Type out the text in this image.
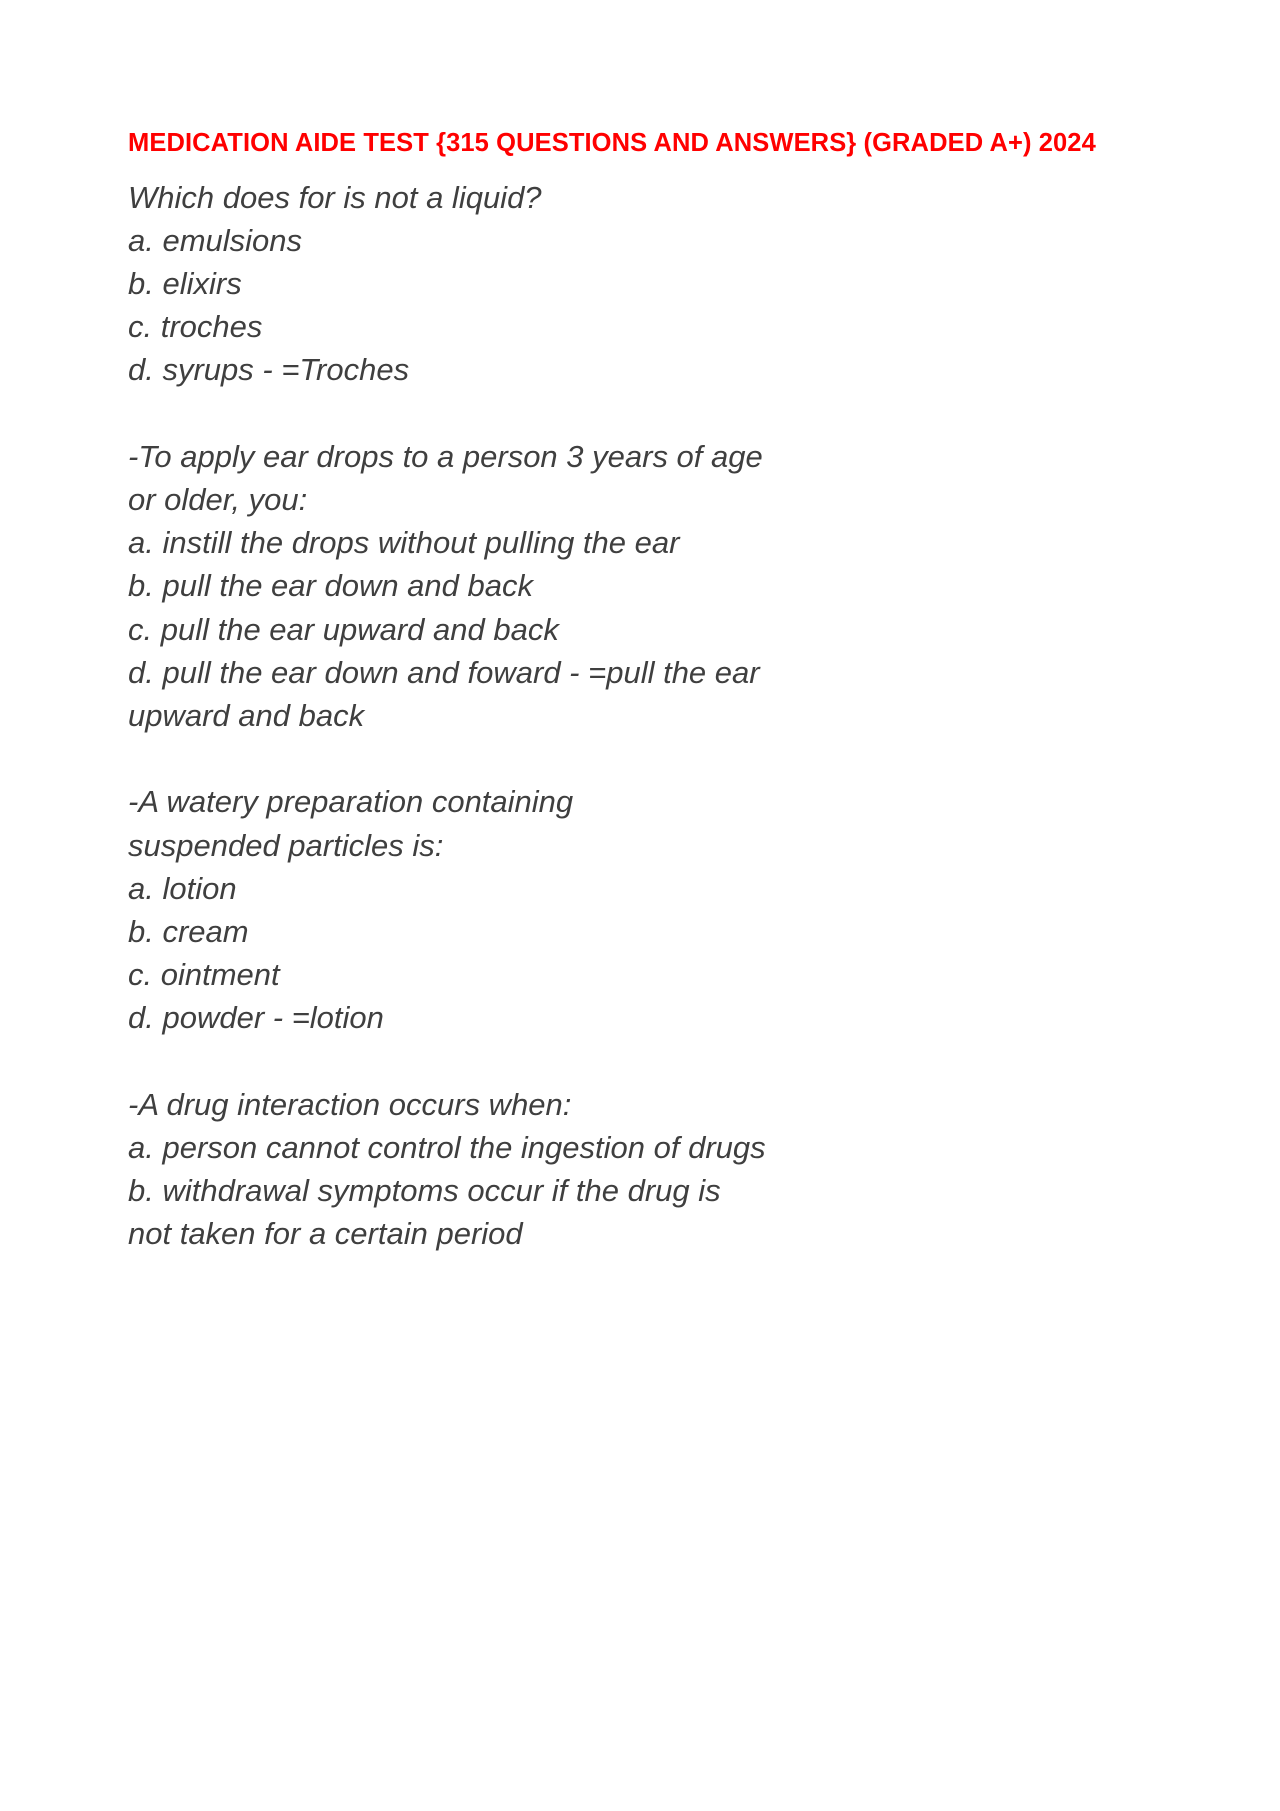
MEDICATION AIDE TEST {315 QUESTIONS AND ANSWERS} (GRADED A+) 2024
Which does for is not a liquid?
a. emulsions
b. elixirs
c. troches
d. syrups - =Troches

-To apply ear drops to a person 3 years of age
or older, you:
a. instill the drops without pulling the ear
b. pull the ear down and back
c. pull the ear upward and back
d. pull the ear down and foward - =pull the ear
upward and back

-A watery preparation containing
suspended particles is:
a. lotion
b. cream
c. ointment
d. powder - =lotion

-A drug interaction occurs when:
a. person cannot control the ingestion of drugs
b. withdrawal symptoms occur if the drug is
not taken for a certain period
